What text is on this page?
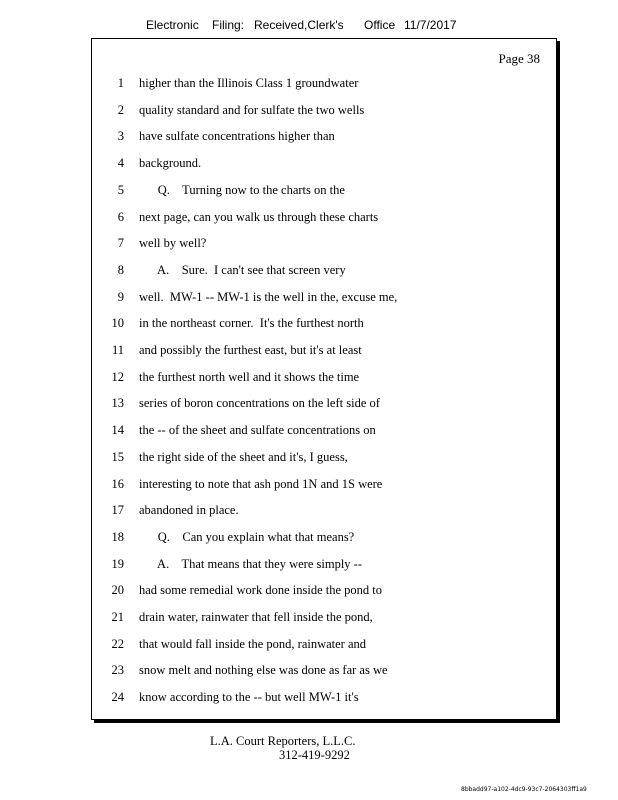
Electronic Filing: Received,Clerk's Office 11/7/2017
Page 38
1 higher than the Illinois Class 1 groundwater
2 quality standard and for sulfate the two wells
3 have sulfate concentrations higher than
4 background.
5 Q.    Turning now to the charts on the
6 next page, can you walk us through these charts
7 well by well?
8 A.    Sure.  I can't see that screen very
9 well.  MW-1 -- MW-1 is the well in the, excuse me,
10 in the northeast corner.  It's the furthest north
11 and possibly the furthest east, but it's at least
12 the furthest north well and it shows the time
13 series of boron concentrations on the left side of
14 the -- of the sheet and sulfate concentrations on
15 the right side of the sheet and it's, I guess,
16 interesting to note that ash pond 1N and 1S were
17 abandoned in place.
18 Q.    Can you explain what that means?
19 A.    That means that they were simply --
20 had some remedial work done inside the pond to
21 drain water, rainwater that fell inside the pond,
22 that would fall inside the pond, rainwater and
23 snow melt and nothing else was done as far as we
24 know according to the -- but well MW-1 it's
L.A. Court Reporters, L.L.C.
312-419-9292
8bbadd97-a102-4dc9-93c7-2064303ff1a9
